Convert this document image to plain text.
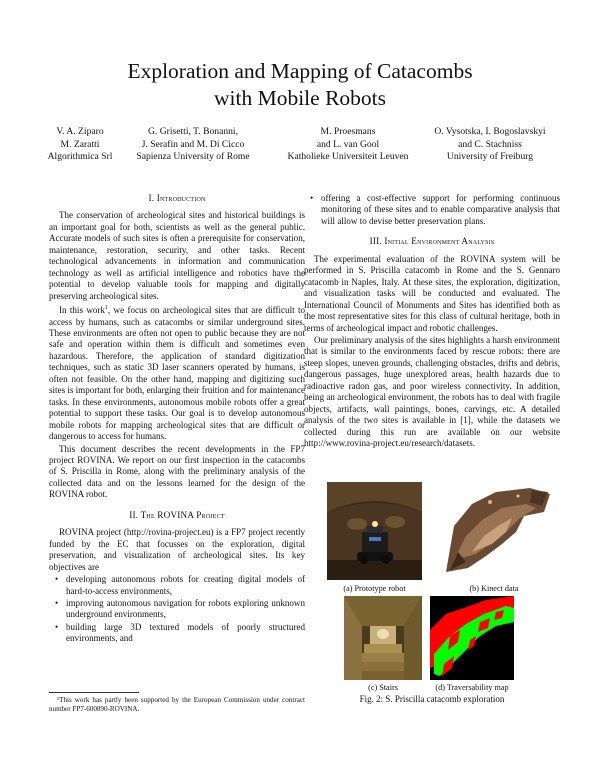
Exploration and Mapping of Catacombs
with Mobile Robots
V. A. Ziparo
M. Zaratti
Algorithmica Srl
G. Grisetti, T. Bonanni,
J. Serafin and M. Di Cicco
Sapienza University of Rome
M. Proesmans
and L. van Gool
Katholieke Universiteit Leuven
O. Vysotska, I. Bogoslavskyi
and C. Stachniss
University of Freiburg
I. Introduction

The conservation of archeological sites and historical buildings is an important goal for both, scientists as well as the general public. Accurate models of such sites is often a prerequisite for conservation, maintenance, restoration, security, and other tasks. Recent technological advancements in information and communication technology as well as artificial intelligence and robotics have the potential to develop valuable tools for mapping and digitally preserving archeological sites.

In this work$^1$, we focus on archeological sites that are difficult to access by humans, such as catacombs or similar underground sites. These environments are often not open to public because they are not safe and operation within them is difficult and sometimes even hazardous. Therefore, the application of standard digitization techniques, such as static 3D laser scanners operated by humans, is often not feasible. On the other hand, mapping and digitizing such sites is important for both, enlarging their fruition and for maintenance tasks. In these environments, autonomous mobile robots offer a great potential to support these tasks. Our goal is to develop autonomous mobile robots for mapping archeological sites that are difficult or dangerous to access for humans.

This document describes the recent developments in the FP7 project ROVINA. We report on our first inspection in the catacombs of S. Priscilla in Rome, along with the preliminary analysis of the collected data and on the lessons learned for the design of the ROVINA robot.

II. The ROVINA Project

ROVINA project (http://rovina-project.eu) is a FP7 project recently funded by the EC that focusses on the exploration, digital preservation, and visualization of archeological sites. Its key objectives are

• developing autonomous robots for creating digital models of hard-to-access environments,
• improving autonomous navigation for robots exploring unknown underground environments,
• building large 3D textured models of poorly structured environments, and
¹This work has partly been supported by the European Commission under contract number FP7-600890-ROVINA.
• offering a cost-effective support for performing continuous monitoring of these sites and to enable comparative analysis that will allow to devise better preservation plans.
III. Initial Environment Analysis

The experimental evaluation of the ROVINA system will be performed in S. Priscilla catacomb in Rome and the S. Gennaro catacomb in Naples, Italy. At these sites, the exploration, digitization, and visualization tasks will be conducted and evaluated. The International Council of Monuments and Sites has identified both as the most representative sites for this class of cultural heritage, both in terms of archeological impact and robotic challenges.

Our preliminary analysis of the sites highlights a harsh environment that is similar to the environments faced by rescue robots: there are steep slopes, uneven grounds, challenging obstacles, drifts and debris, dangerous passages, huge unexplored areas, health hazards due to radioactive radon gas, and poor wireless connectivity. In addition, being an archeological environment, the robots has to deal with fragile objects, artifacts, wall paintings, bones, carvings, etc. A detailed analysis of the two sites is available in [1], while the datasets we collected during this run are available on our website http://www.rovina-project.eu/research/datasets.

(a) Prototype robot	(b) Kinect data
(c) Stairs	(d) Traversability map
Fig. 2: S. Priscilla catacomb exploration
